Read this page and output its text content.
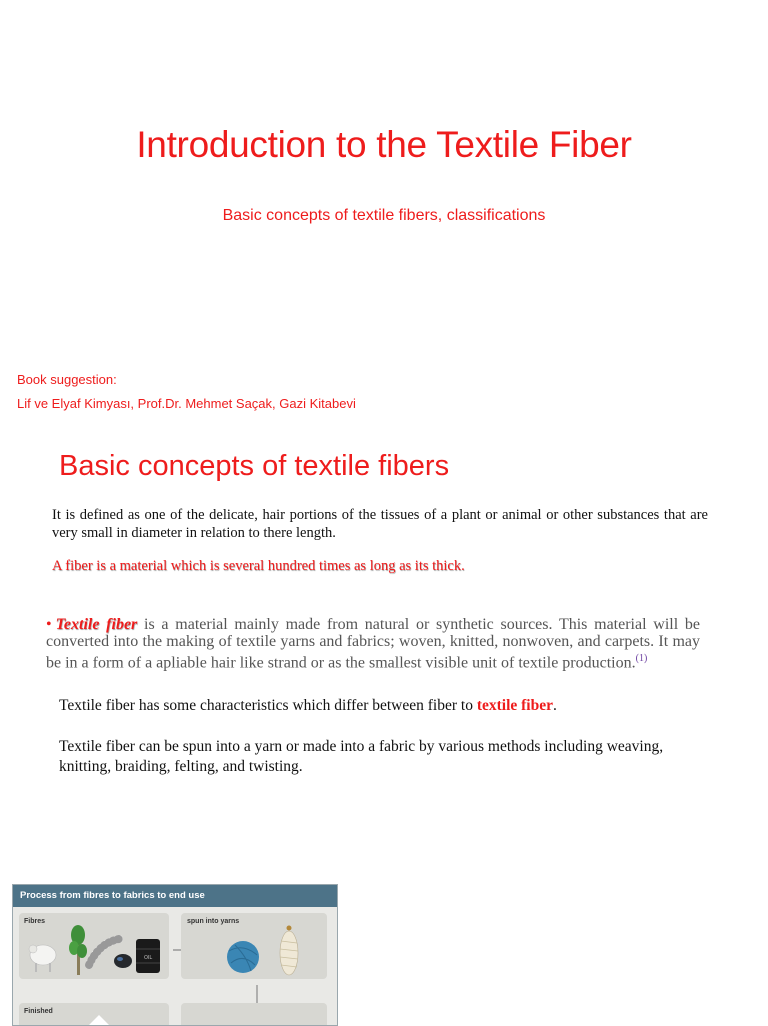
Introduction to the Textile Fiber
Basic concepts of textile fibers, classifications
Book suggestion:
Lif ve Elyaf Kimyası, Prof.Dr. Mehmet Saçak, Gazi Kitabevi
Basic concepts of textile fibers
It is defined as one of the delicate, hair portions of the tissues of a plant or animal or other substances that are very small in diameter in relation to there length.
A fiber is a material which is several hundred times as long as its thick.
• Textile fiber is a material mainly made from natural or synthetic sources. This material will be converted into the making of textile yarns and fabrics; woven, knitted, nonwoven, and carpets. It may be in a form of a apliable hair like strand or as the smallest visible unit of textile production.$^{(1)}$
Textile fiber has some characteristics which differ between fiber to textile fiber.
Textile fiber can be spun into a yarn or made into a fabric by various methods including weaving, knitting, braiding, felting, and twisting.
Process from fibres to fabrics to end use
Fibres
OIL
spun into yarns
Finished
